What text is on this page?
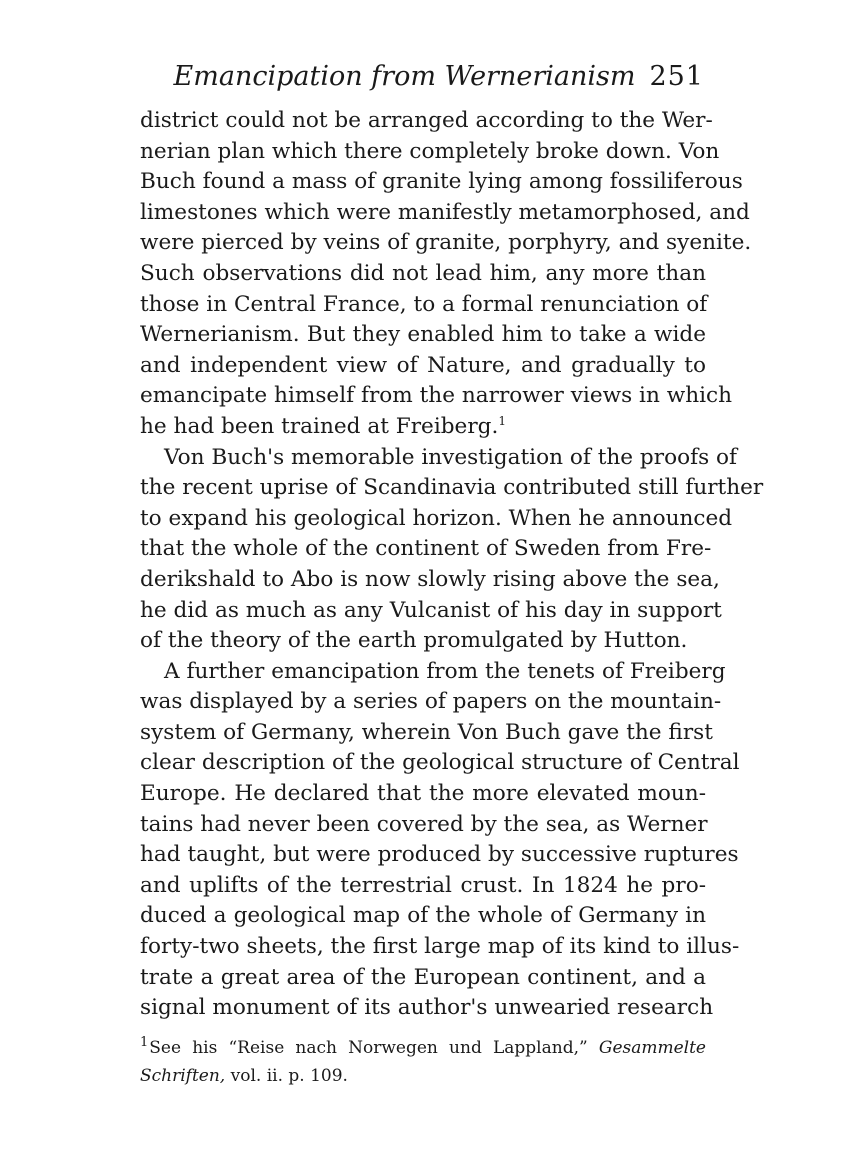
Emancipation from Wernerianism 251
district could not be arranged according to the Wer-
nerian plan which there completely broke down. Von
Buch found a mass of granite lying among fossiliferous
limestones which were manifestly metamorphosed, and
were pierced by veins of granite, porphyry, and syenite.
Such observations did not lead him, any more than
those in Central France, to a formal renunciation of
Wernerianism. But they enabled him to take a wide
and independent view of Nature, and gradually to
emancipate himself from the narrower views in which
he had been trained at Freiberg.$^1$
Von Buch's memorable investigation of the proofs of
the recent uprise of Scandinavia contributed still further
to expand his geological horizon. When he announced
that the whole of the continent of Sweden from Fre-
derikshald to Abo is now slowly rising above the sea,
he did as much as any Vulcanist of his day in support
of the theory of the earth promulgated by Hutton.
A further emancipation from the tenets of Freiberg
was displayed by a series of papers on the mountain-
system of Germany, wherein Von Buch gave the first
clear description of the geological structure of Central
Europe. He declared that the more elevated moun-
tains had never been covered by the sea, as Werner
had taught, but were produced by successive ruptures
and uplifts of the terrestrial crust. In 1824 he pro-
duced a geological map of the whole of Germany in
forty-two sheets, the first large map of its kind to illus-
trate a great area of the European continent, and a
signal monument of its author's unwearied research
$^1$See his “Reise nach Norwegen und Lappland,” Gesammelte
Schriften, vol. ii. p. 109.
